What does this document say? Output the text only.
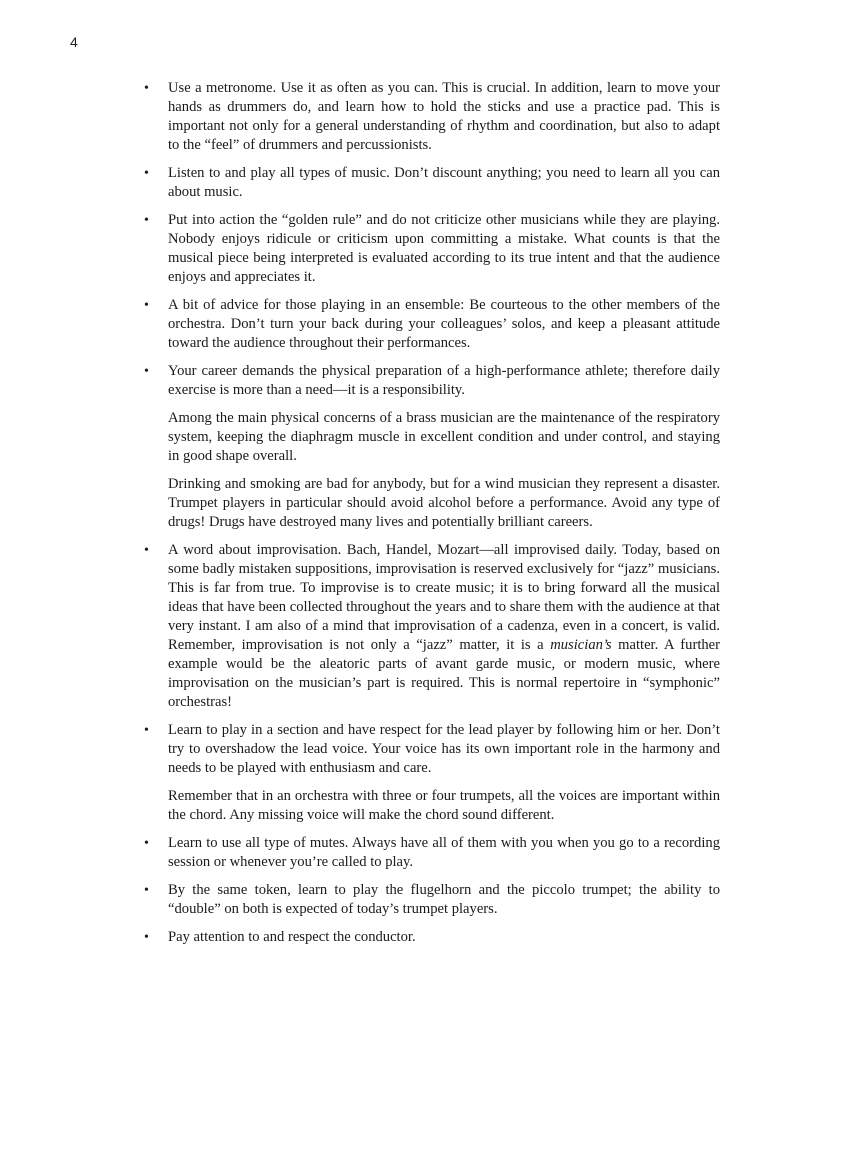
4
• Use a metronome. Use it as often as you can. This is crucial. In addition, learn to move your hands as drummers do, and learn how to hold the sticks and use a practice pad. This is important not only for a general understanding of rhythm and coordination, but also to adapt to the “feel” of drummers and percussionists.

• Listen to and play all types of music. Don’t discount anything; you need to learn all you can about music.

• Put into action the “golden rule” and do not criticize other musicians while they are playing. Nobody enjoys ridicule or criticism upon committing a mistake. What counts is that the musical piece being interpreted is evaluated according to its true intent and that the audience enjoys and appreciates it.

• A bit of advice for those playing in an ensemble: Be courteous to the other members of the orchestra. Don’t turn your back during your colleagues’ solos, and keep a pleasant attitude toward the audience throughout their performances.

• Your career demands the physical preparation of a high-performance athlete; therefore daily exercise is more than a need—it is a responsibility.

Among the main physical concerns of a brass musician are the maintenance of the respiratory system, keeping the diaphragm muscle in excellent condition and under control, and staying in good shape overall.

Drinking and smoking are bad for anybody, but for a wind musician they represent a disaster. Trumpet players in particular should avoid alcohol before a performance. Avoid any type of drugs! Drugs have destroyed many lives and potentially brilliant careers.

• A word about improvisation. Bach, Handel, Mozart—all improvised daily. Today, based on some badly mistaken suppositions, improvisation is reserved exclusively for “jazz” musicians. This is far from true. To improvise is to create music; it is to bring forward all the musical ideas that have been collected throughout the years and to share them with the audience at that very instant. I am also of a mind that improvisation of a cadenza, even in a concert, is valid. Remember, improvisation is not only a “jazz” matter, it is a musician’s matter. A further example would be the aleatoric parts of avant garde music, or modern music, where improvisation on the musician’s part is required. This is normal repertoire in “symphonic” orchestras!

• Learn to play in a section and have respect for the lead player by following him or her. Don’t try to overshadow the lead voice. Your voice has its own important role in the harmony and needs to be played with enthusiasm and care.

Remember that in an orchestra with three or four trumpets, all the voices are important within the chord. Any missing voice will make the chord sound different.

• Learn to use all type of mutes. Always have all of them with you when you go to a recording session or whenever you’re called to play.

• By the same token, learn to play the flugelhorn and the piccolo trumpet; the ability to “double” on both is expected of today’s trumpet players.

• Pay attention to and respect the conductor.
